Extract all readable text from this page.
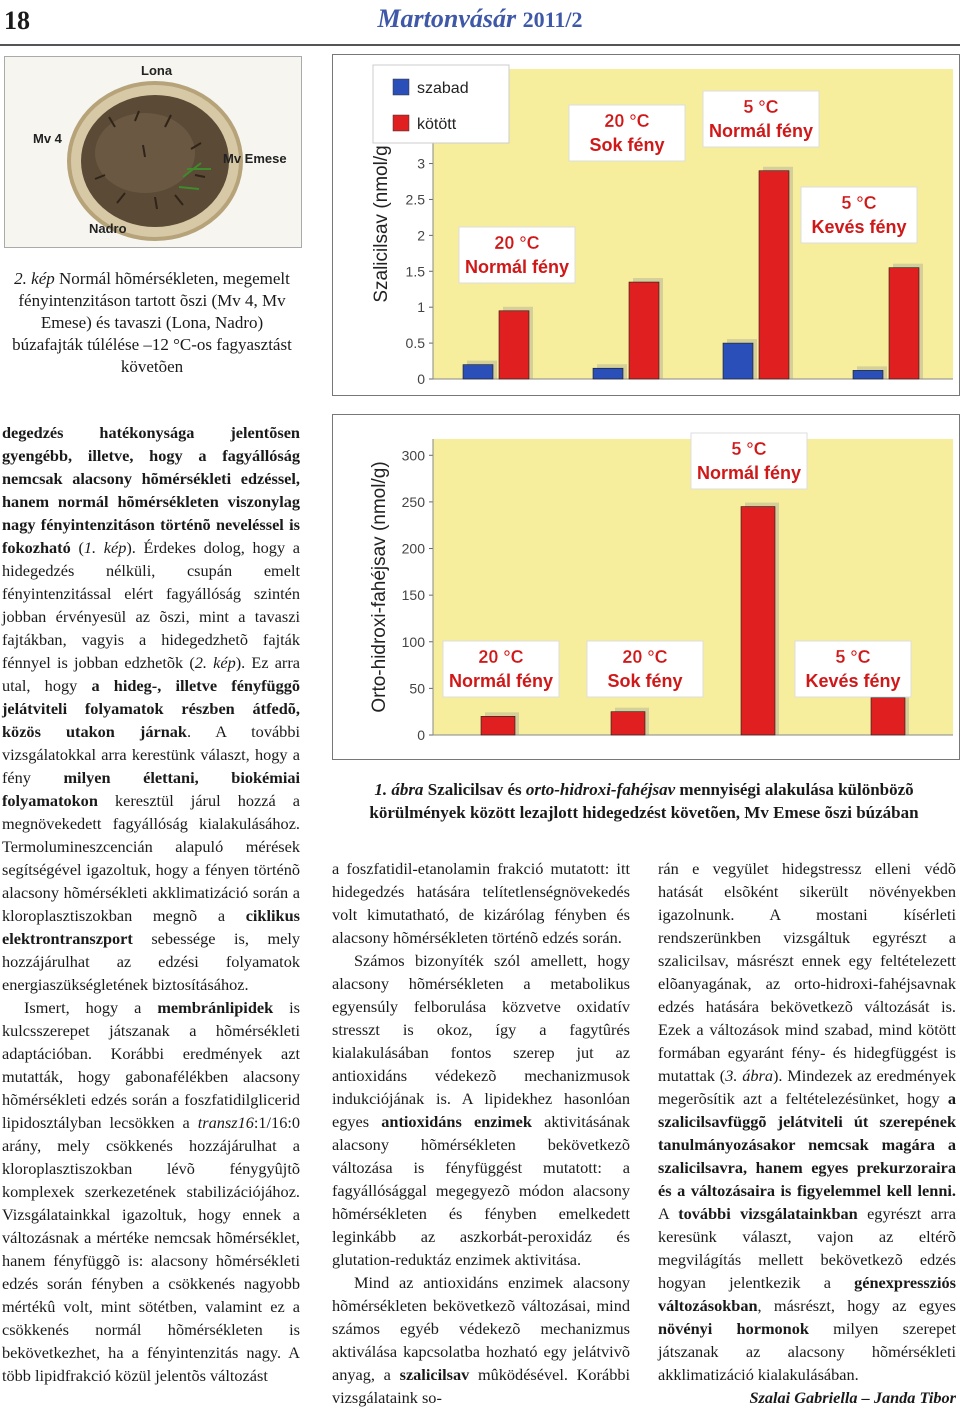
18	Martonvásár 2011/2
Lona
Mv 4
Mv Emese
Nadro
2. kép Normál hõmérsékleten, megemelt fényintenzitáson tartott õszi (Mv 4, Mv Emese) és tavaszi (Lona, Nadro) búzafajták túlélése –12 °C-os fagyasztást követõen
Szalicilsav (nmol/g
0
0.5
1
1.5
2
2.5
3
20 °C
Normál fény
20 °C
Sok fény
5 °C
Normál fény
5 °C
Kevés fény
szabad
kötött
Orto-hidroxi-fahéjsav (nmol/g)
0
50
100
150
200
250
300
20 °C
Normál fény
20 °C
Sok fény
5 °C
Normál fény
5 °C
Kevés fény
1. ábra Szalicilsav és orto-hidroxi-fahéjsav mennyiségi alakulása különbözõ körülmények között lezajlott hidegedzést követõen, Mv Emese õszi búzában

degedzés hatékonysága jelentõsen gyengébb, illetve, hogy a fagyállóság nemcsak alacsony hõmérsékleti edzéssel, hanem normál hõmérsékleten viszonylag nagy fényintenzitáson történõ neveléssel is fokozható (1. kép). Érdekes dolog, hogy a hidegedzés nélküli, csupán emelt fényintenzitással elért fagyállóság szintén jobban érvényesül az õszi, mint a tavaszi fajtákban, vagyis a hidegedzhetõ fajták fénnyel is jobban edzhetõk (2. kép). Ez arra utal, hogy a hideg-, illetve fényfüggõ jelátviteli folyamatok részben átfedõ, közös utakon járnak. A további vizsgálatokkal arra kerestünk választ, hogy a fény milyen élettani, biokémiai folyamatokon keresztül járul hozzá a megnövekedett fagyállóság kialakulásához. Termolumineszcencián alapuló mérések segítségével igazoltuk, hogy a fényen történõ alacsony hõmérsékleti akklimatizáció során a kloroplasztiszokban megnõ a ciklikus elektrontranszport sebessége is, mely hozzájárulhat az edzési folyamatok energiaszükségletének biztosításához.

Ismert, hogy a membránlipidek is kulcsszerepet játszanak a hõmérsékleti adaptációban. Korábbi eredmények azt mutatták, hogy gabonafélékben alacsony hõmérsékleti edzés során a foszfatidilglicerid lipidosztályban lecsökken a transz16:1/16:0 arány, mely csökkenés hozzájárulhat a kloroplasztiszokban lévõ fénygyûjtõ komplexek szerkezetének stabilizációjához. Vizsgálatainkkal igazoltuk, hogy ennek a változásnak a mértéke nemcsak hõmérséklet, hanem fényfüggõ is: alacsony hõmérsékleti edzés során fényben a csökkenés nagyobb mértékû volt, mint sötétben, valamint ez a csökkenés normál hõmérsékleten is bekövetkezhet, ha a fényintenzitás nagy. A több lipidfrakció közül jelentõs változást

a foszfatidil-etanolamin frakció mutatott: itt hidegedzés hatására telítetlenségnövekedés volt kimutatható, de kizárólag fényben és alacsony hõmérsékleten történõ edzés során.

Számos bizonyíték szól amellett, hogy alacsony hõmérsékleten a metabolikus egyensúly felborulása közvetve oxidatív stresszt is okoz, így a fagytûrés kialakulásában fontos szerep jut az antioxidáns védekezõ mechanizmusok indukciójának is. A lipidekhez hasonlóan egyes antioxidáns enzimek aktivitásának alacsony hõmérsékleten bekövetkezõ változása is fényfüggést mutatott: a fagyállósággal megegyezõ módon alacsony hõmérsékleten és fényben emelkedett leginkább az aszkorbát-peroxidáz és glutation-reduktáz enzimek aktivitása.

Mind az antioxidáns enzimek alacsony hõmérsékleten bekövetkezõ változásai, mind számos egyéb védekezõ mechanizmus aktiválása kapcsolatba hozható egy jelátvivõ anyag, a szalicilsav mûködésével. Korábbi vizsgálataink so-

rán e vegyület hidegstressz elleni védõ hatását elsõként sikerült növényekben igazolnunk. A mostani kísérleti rendszerünkben vizsgáltuk egyrészt a szalicilsav, másrészt ennek egy feltételezett elõanyagának, az orto-hidroxi-fahéjsavnak edzés hatására bekövetkezõ változását is. Ezek a változások mind szabad, mind kötött formában egyaránt fény- és hidegfüggést is mutattak (3. ábra). Mindezek az eredmények megerõsítik azt a feltételezésünket, hogy a szalicilsavfüggõ jelátviteli út szerepének tanulmányozásakor nemcsak magára a szalicilsavra, hanem egyes prekurzoraira és a változásaira is figyelemmel kell lenni. A további vizsgálatainkban egyrészt arra keresünk választ, vajon az eltérõ megvilágítás mellett bekövetkezõ edzés hogyan jelentkezik a génexpressziós változásokban, másrészt, hogy az egyes növényi hormonok milyen szerepet játszanak az alacsony hõmérsékleti akklimatizáció kialakulásában.

Szalai Gabriella – Janda Tibor
